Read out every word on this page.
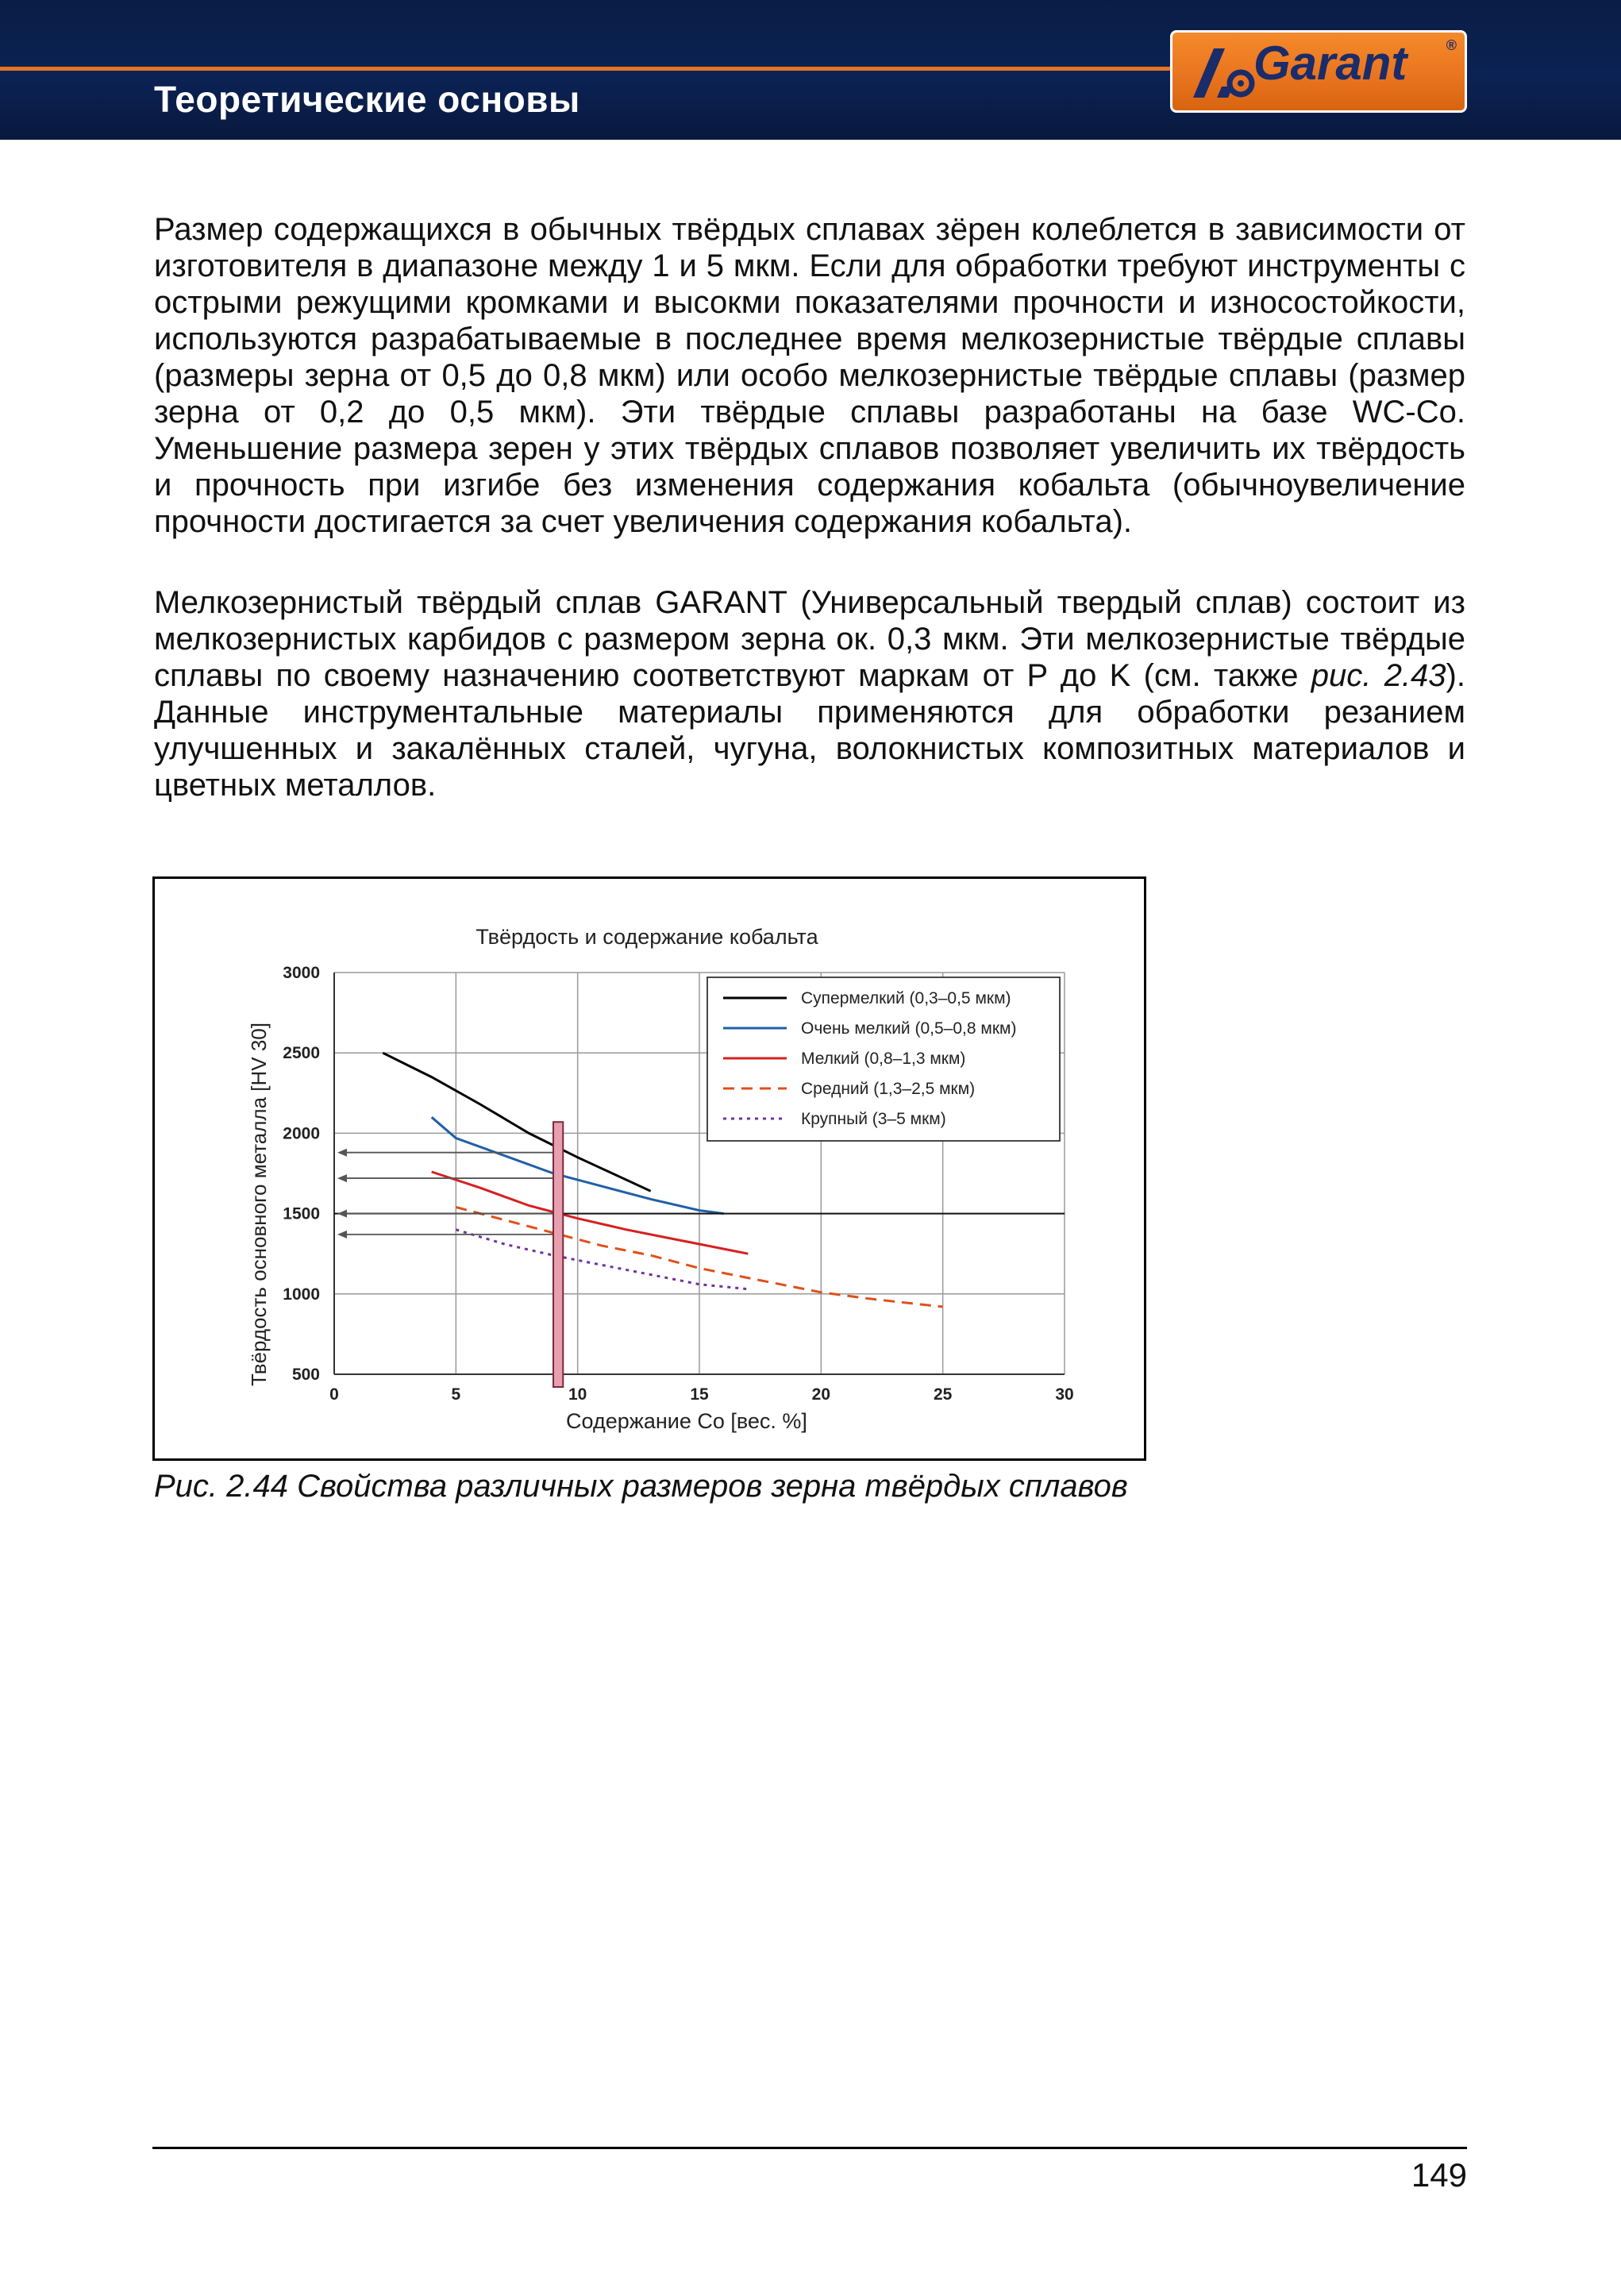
Теоретические основы
Garant	®

Размер содержащихся в обычных твёрдых сплавах зёрен колеблется в зависимости от изготовителя в диапазоне между 1 и 5 мкм. Если для обработки требуют инструменты с острыми режущими кромками и высокми показателями прочности и износостойкости, используются разрабатываемые в последнее время мелкозернистые твёрдые сплавы (размеры зерна от 0,5 до 0,8 мкм) или особо мелкозернистые твёрдые сплавы (размер зерна от 0,2 до 0,5 мкм). Эти твёрдые сплавы разработаны на базе WC-Co. Уменьшение размера зерен у этих твёрдых сплавов позволяет увеличить их твёрдость и прочность при изгибе без изменения содержания кобальта (обычноувеличение прочности достигается за счет увеличения содержания кобальта).

Мелкозернистый твёрдый сплав GARANT (Универсальный твердый сплав) состоит из мелкозернистых карбидов с размером зерна ок. 0,3 мкм. Эти мелкозернистые твёрдые сплавы по своему назначению соответствуют маркам от P до K (см. также рис. 2.43). Данные инструментальные материалы применяются для обработки резанием улучшенных и закалённых сталей, чугуна, волокнистых композитных материалов и цветных металлов.

Твёрдость и содержание кобальта
0	5	10	15	20	25	30
500
1000
1500
2000
2500
3000
Содержание Co [вес. %]
Твёрдость основного металла [HV 30]
Супермелкий (0,3–0,5 мкм)
Очень мелкий (0,5–0,8 мкм)
Мелкий (0,8–1,3 мкм)
Средний (1,3–2,5 мкм)
Крупный (3–5 мкм)
Рис. 2.44 Свойства различных размеров зерна твёрдых сплавов
149
